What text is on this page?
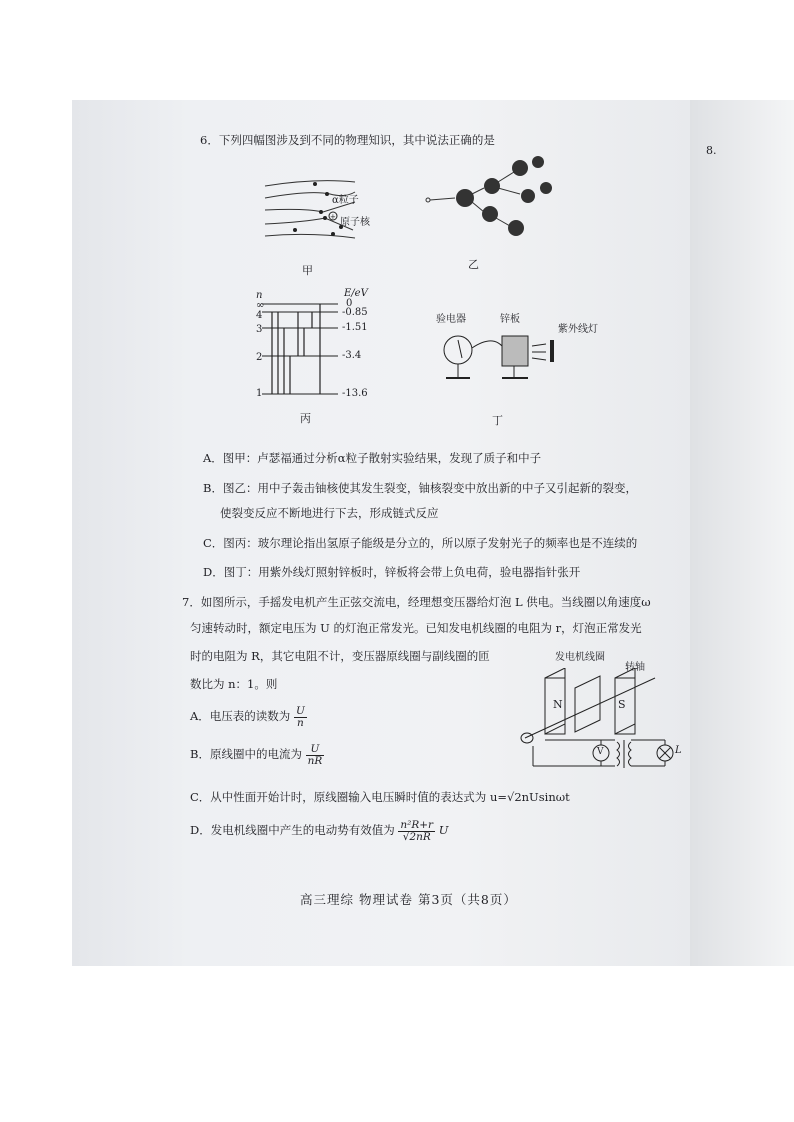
8.
6．下列四幅图涉及到不同的物理知识，其中说法正确的是
+
α粒子
原子核
甲	乙
n
∞
4
3
2
1
E/eV
0
-0.85
-1.51
-3.4
-13.6
丙
验电器	锌板
紫外线灯
丁
A．图甲：卢瑟福通过分析α粒子散射实验结果，发现了质子和中子
B．图乙：用中子轰击铀核使其发生裂变，铀核裂变中放出新的中子又引起新的裂变，
使裂变反应不断地进行下去，形成链式反应
C．图丙：玻尔理论指出氢原子能级是分立的，所以原子发射光子的频率也是不连续的
D．图丁：用紫外线灯照射锌板时，锌板将会带上负电荷，验电器指针张开
7．如图所示，手摇发电机产生正弦交流电，经理想变压器给灯泡 L 供电。当线圈以角速度ω
匀速转动时，额定电压为 U 的灯泡正常发光。已知发电机线圈的电阻为 r，灯泡正常发光
时的电阻为 R，其它电阻不计，变压器原线圈与副线圈的匝
数比为 n：1。则
发电机线圈
转轴
N	S
V	L
A．电压表的读数为 $\frac{U}{n}$
B．原线圈中的电流为 $\frac{U}{nR}$
C．从中性面开始计时，原线圈输入电压瞬时值的表达式为 u=√2nUsinωt
D．发电机线圈中产生的电动势有效值为 $\frac{\text{n²R+r}}{√2nR}$ U
高三理综 物理试卷 第3页（共8页）
